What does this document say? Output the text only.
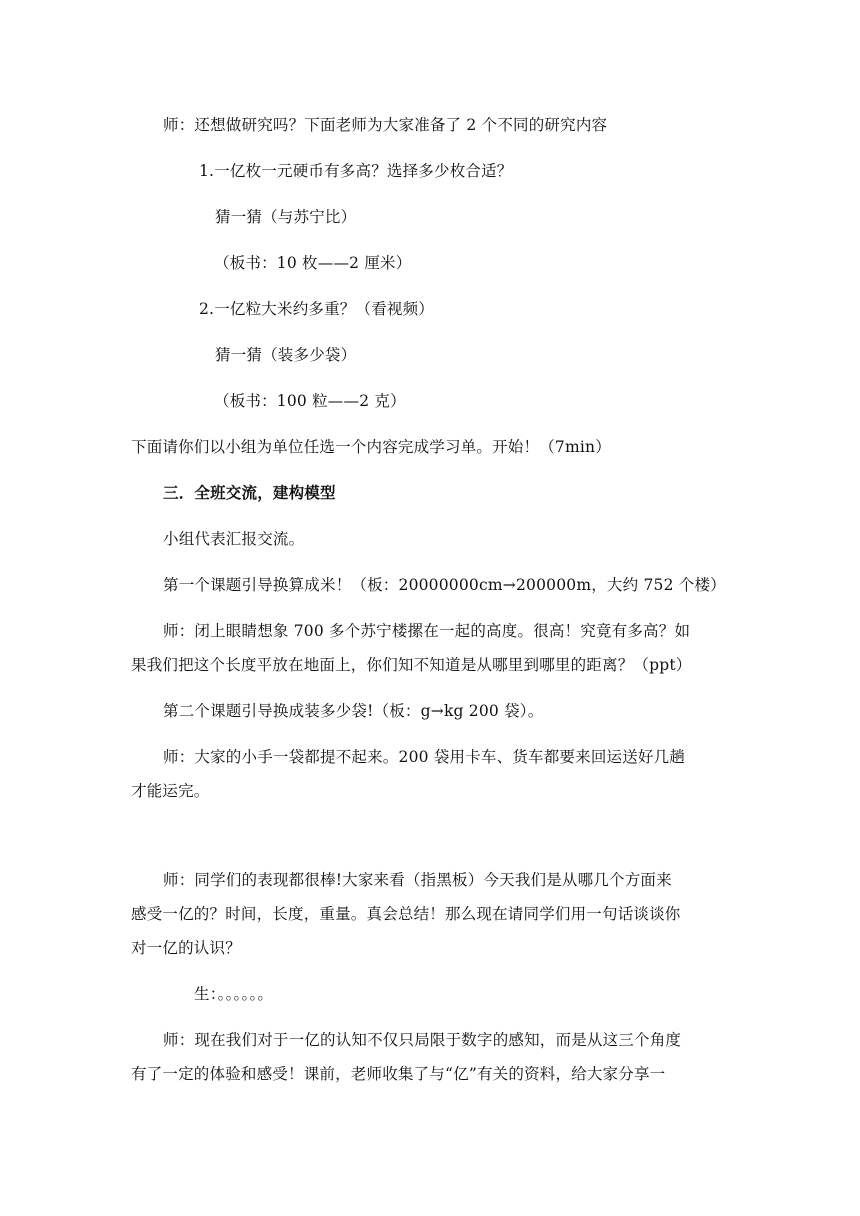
师：还想做研究吗？下面老师为大家准备了 2 个不同的研究内容
1.一亿枚一元硬币有多高？选择多少枚合适？
猜一猜（与苏宁比）
（板书：10 枚——2 厘米）
2.一亿粒大米约多重？（看视频）
猜一猜（装多少袋）
（板书：100 粒——2 克）
下面请你们以小组为单位任选一个内容完成学习单。开始！（7min）
三．全班交流，建构模型
小组代表汇报交流。
第一个课题引导换算成米！（板：20000000cm→200000m，大约 752 个楼）
师：闭上眼睛想象 700 多个苏宁楼摞在一起的高度。很高！究竟有多高？如
果我们把这个长度平放在地面上，你们知不知道是从哪里到哪里的距离？（ppt）
第二个课题引导换成装多少袋!（板：g→kg 200 袋）。
师：大家的小手一袋都提不起来。200 袋用卡车、货车都要来回运送好几趟
才能运完。
师：同学们的表现都很棒!大家来看（指黑板）今天我们是从哪几个方面来
感受一亿的？时间，长度，重量。真会总结！那么现在请同学们用一句话谈谈你
对一亿的认识？
生：。。。。。。
师：现在我们对于一亿的认知不仅只局限于数字的感知，而是从这三个角度
有了一定的体验和感受！课前，老师收集了与“亿”有关的资料，给大家分享一
